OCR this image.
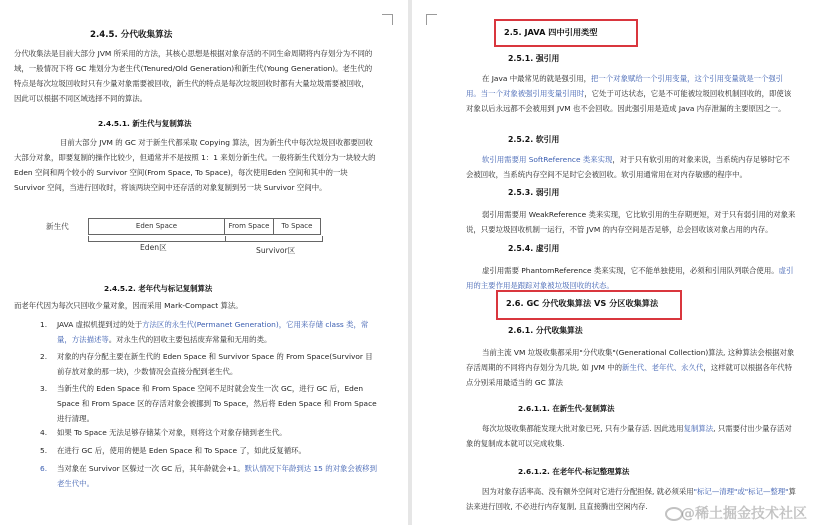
2.4.5. 分代收集算法
分代收集法是目前大部分 JVM 所采用的方法，其核心思想是根据对象存活的不同生命周期将内存划分为不同的域，一般情况下将 GC 堆划分为老生代(Tenured/Old Generation)和新生代(Young Generation)。老生代的特点是每次垃圾回收时只有少量对象需要被回收，新生代的特点是每次垃圾回收时都有大量垃圾需要被回收，因此可以根据不同区域选择不同的算法。
2.4.5.1. 新生代与复制算法
目前大部分 JVM 的 GC 对于新生代都采取 Copying 算法，因为新生代中每次垃圾回收都要回收大部分对象，即要复制的操作比较少，但通常并不是按照 1：1 来划分新生代。一般将新生代划分为一块较大的 Eden 空间和两个较小的 Survivor 空间(From Space, To Space)，每次使用Eden 空间和其中的一块 Survivor 空间，当进行回收时，将该两块空间中还存活的对象复制到另一块 Survivor 空间中。
新生代	Eden Space	From Space	To Space
Eden区	Survivor区
2.4.5.2. 老年代与标记复制算法
而老年代因为每次只回收少量对象，因而采用 Mark-Compact 算法。
1. JAVA 虚拟机提到过的处于方法区的永生代(Permanet Generation)，它用来存储 class 类，常量，方法描述等。对永生代的回收主要包括废弃常量和无用的类。
2. 对象的内存分配主要在新生代的 Eden Space 和 Survivor Space 的 From Space(Survivor 目前存放对象的那一块)，少数情况会直接分配到老生代。
3. 当新生代的 Eden Space 和 From Space 空间不足时就会发生一次 GC，进行 GC 后，Eden Space 和 From Space 区的存活对象会被挪到 To Space，然后将 Eden Space 和 From Space 进行清理。
4. 如果 To Space 无法足够存储某个对象，则将这个对象存储到老生代。
5. 在进行 GC 后，使用的便是 Eden Space 和 To Space 了，如此反复循环。
6. 当对象在 Survivor 区躲过一次 GC 后，其年龄就会+1。默认情况下年龄到达 15 的对象会被移到老生代中。
2.5. JAVA 四中引用类型
2.5.1. 强引用
在 Java 中最常见的就是强引用，把一个对象赋给一个引用变量，这个引用变量就是一个强引用。当一个对象被强引用变量引用时，它处于可达状态，它是不可能被垃圾回收机制回收的，即使该对象以后永远都不会被用到 JVM 也不会回收。因此强引用是造成 Java 内存泄漏的主要原因之一。
2.5.2. 软引用
软引用需要用 SoftReference 类来实现，对于只有软引用的对象来说，当系统内存足够时它不会被回收，当系统内存空间不足时它会被回收。软引用通常用在对内存敏感的程序中。
2.5.3. 弱引用
弱引用需要用 WeakReference 类来实现，它比软引用的生存期更短，对于只有弱引用的对象来说，只要垃圾回收机制一运行，不管 JVM 的内存空间是否足够，总会回收该对象占用的内存。
2.5.4. 虚引用
虚引用需要 PhantomReference 类来实现，它不能单独使用，必须和引用队列联合使用。虚引用的主要作用是跟踪对象被垃圾回收的状态。
2.6. GC 分代收集算法 VS 分区收集算法
2.6.1. 分代收集算法
当前主流 VM 垃圾收集都采用"分代收集"(Generational Collection)算法, 这种算法会根据对象存活周期的不同将内存划分为几块, 如 JVM 中的新生代、老年代、永久代，这样就可以根据各年代特点分别采用最适当的 GC 算法
2.6.1.1. 在新生代-复制算法
每次垃圾收集都能发现大批对象已死, 只有少量存活. 因此选用复制算法, 只需要付出少量存活对象的复制成本就可以完成收集.
2.6.1.2. 在老年代-标记整理算法
因为对象存活率高、没有额外空间对它进行分配担保, 就必须采用"标记—清理"或"标记—整理"算法来进行回收, 不必进行内存复制, 且直接腾出空闲内存.	@稀土掘金技术社区
